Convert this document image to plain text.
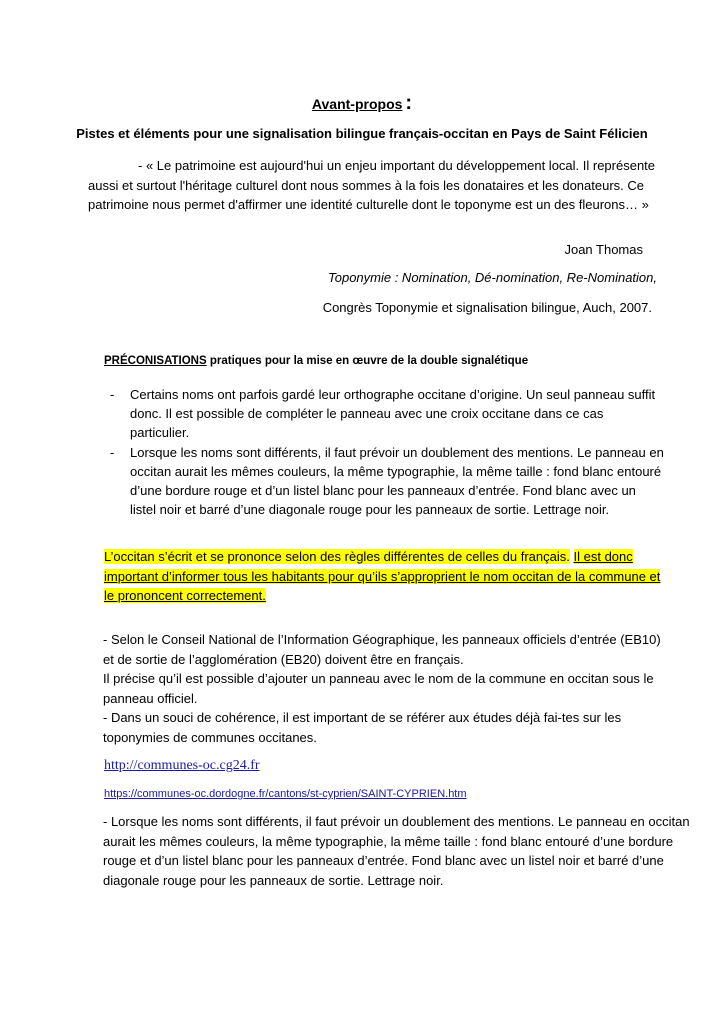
Avant-propos :

Pistes et éléments pour une signalisation bilingue français-occitan en Pays de Saint Félicien

- « Le patrimoine est aujourd'hui un enjeu important du développement local. Il représente aussi et surtout l'héritage culturel dont nous sommes à la fois les donataires et les donateurs. Ce patrimoine nous permet d'affirmer une identité culturelle dont le toponyme est un des fleurons… »

Joan Thomas

Toponymie : Nomination, Dé-nomination, Re-Nomination,

Congrès Toponymie et signalisation bilingue, Auch, 2007.

PRÉCONISATIONS pratiques pour la mise en œuvre de la double signalétique

- Certains noms ont parfois gardé leur orthographe occitane d’origine. Un seul panneau suffit donc. Il est possible de compléter le panneau avec une croix occitane dans ce cas particulier.
- Lorsque les noms sont différents, il faut prévoir un doublement des mentions. Le panneau en occitan aurait les mêmes couleurs, la même typographie, la même taille : fond blanc entouré d’une bordure rouge et d’un listel blanc pour les panneaux d’entrée. Fond blanc avec un listel noir et barré d’une diagonale rouge pour les panneaux de sortie. Lettrage noir.

L’occitan s’écrit et se prononce selon des règles différentes de celles du français. Il est donc important d’informer tous les habitants pour qu’ils s’approprient le nom occitan de la commune et le prononcent correctement.

- Selon le Conseil National de l’Information Géographique, les panneaux officiels d’entrée (EB10) et de sortie de l’agglomération (EB20) doivent être en français.
Il précise qu’il est possible d’ajouter un panneau avec le nom de la commune en occitan sous le panneau officiel.
- Dans un souci de cohérence, il est important de se référer aux études déjà fai-tes sur les toponymies de communes occitanes.
http://communes-oc.cg24.fr
https://communes-oc.dordogne.fr/cantons/st-cyprien/SAINT-CYPRIEN.htm

- Lorsque les noms sont différents, il faut prévoir un doublement des mentions. Le panneau en occitan aurait les mêmes couleurs, la même typographie, la même taille : fond blanc entouré d’une bordure rouge et d’un listel blanc pour les panneaux d’entrée. Fond blanc avec un listel noir et barré d’une diagonale rouge pour les panneaux de sortie. Lettrage noir.
